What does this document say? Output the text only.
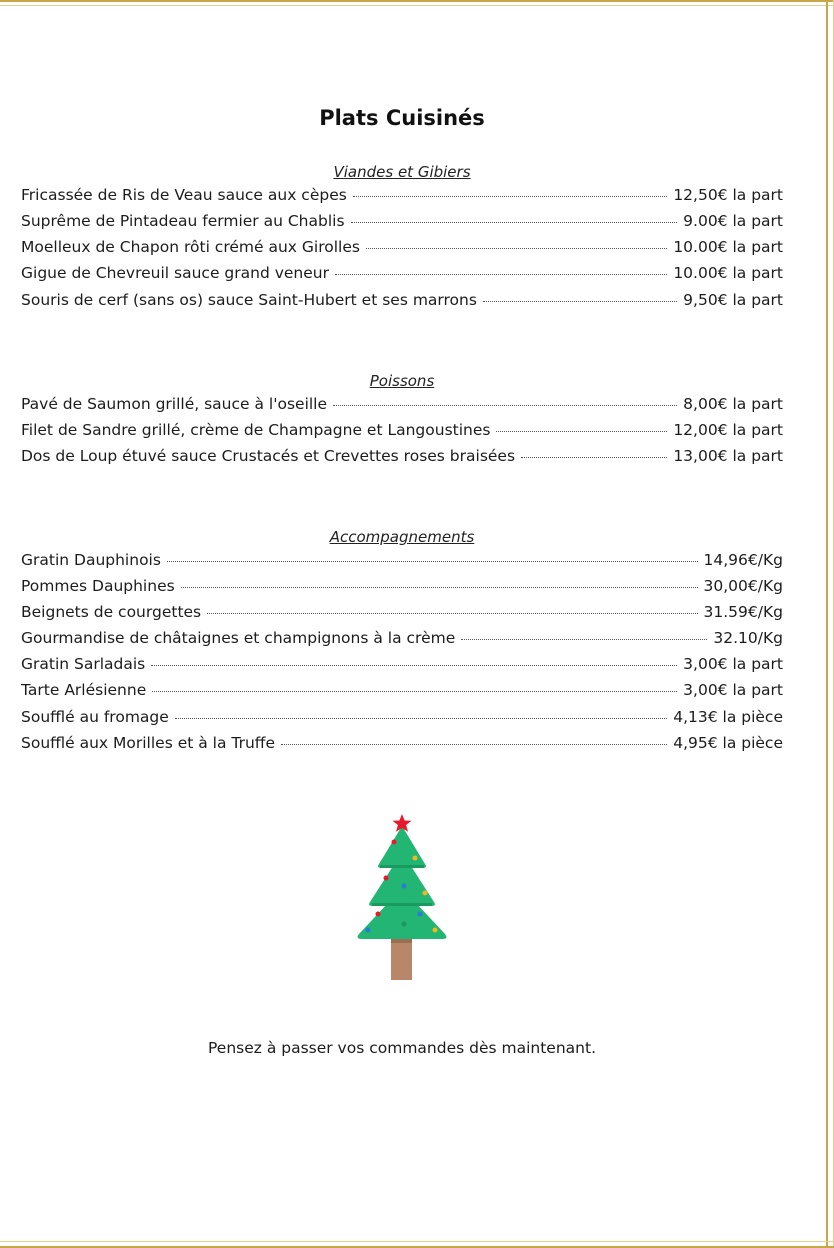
Plats Cuisinés
Viandes et Gibiers
Fricassée de Ris de Veau sauce aux cèpes	12,50€ la part
Suprême de Pintadeau fermier au Chablis	9.00€ la part
Moelleux de Chapon rôti crémé aux Girolles	10.00€ la part
Gigue de Chevreuil sauce grand veneur	10.00€ la part
Souris de cerf (sans os) sauce Saint-Hubert et ses marrons	9,50€ la part
Poissons
Pavé de Saumon grillé, sauce à l'oseille	8,00€ la part
Filet de Sandre grillé, crème de Champagne et Langoustines	12,00€ la part
Dos de Loup étuvé sauce Crustacés et Crevettes roses braisées	13,00€ la part
Accompagnements
Gratin Dauphinois	14,96€/Kg
Pommes Dauphines	30,00€/Kg
Beignets de courgettes	31.59€/Kg
Gourmandise de châtaignes et champignons à la crème	32.10/Kg
Gratin Sarladais	3,00€ la part
Tarte Arlésienne	3,00€ la part
Soufflé au fromage	4,13€ la pièce
Soufflé aux Morilles et à la Truffe	4,95€ la pièce
Pensez à passer vos commandes dès maintenant.
